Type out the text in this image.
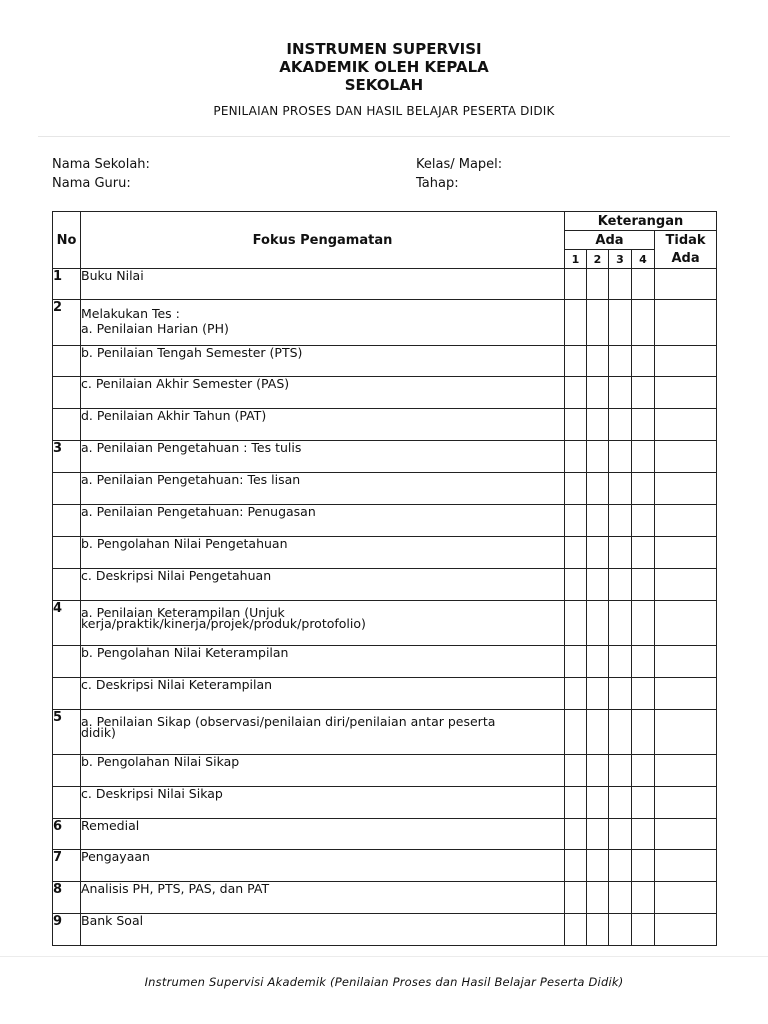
INSTRUMEN SUPERVISI
AKADEMIK OLEH KEPALA
SEKOLAH
PENILAIAN PROSES DAN HASIL BELAJAR PESERTA DIDIK
Nama Sekolah:
Nama Guru:
Kelas/ Mapel:
Tahap:
No	Fokus Pengamatan	Keterangan				
		Ada				Tidak Ada
		1	2	3	4	
1	Buku Nilai					
2	Melakukan Tes :
a. Penilaian Harian (PH)					

	b. Penilaian Tengah Semester (PTS)					
	c. Penilaian Akhir Semester (PAS)					
	d. Penilaian Akhir Tahun (PAT)					
3	a. Penilaian Pengetahuan : Tes tulis					
	a. Penilaian Pengetahuan: Tes lisan					
	a. Penilaian Pengetahuan: Penugasan					
	b. Pengolahan Nilai Pengetahuan					
	c. Deskripsi Nilai Pengetahuan					
4	a. Penilaian Keterampilan (Unjuk
kerja/praktik/kinerja/projek/produk/protofolio)					

	b. Pengolahan Nilai Keterampilan					
	c. Deskripsi Nilai Keterampilan					
5	a. Penilaian Sikap (observasi/penilaian diri/penilaian antar peserta
didik)					

	b. Pengolahan Nilai Sikap					
	c. Deskripsi Nilai Sikap					
6	Remedial					
7	Pengayaan					
8	Analisis PH, PTS, PAS, dan PAT					
9	Bank Soal					
Instrumen Supervisi Akademik (Penilaian Proses dan Hasil Belajar Peserta Didik)
